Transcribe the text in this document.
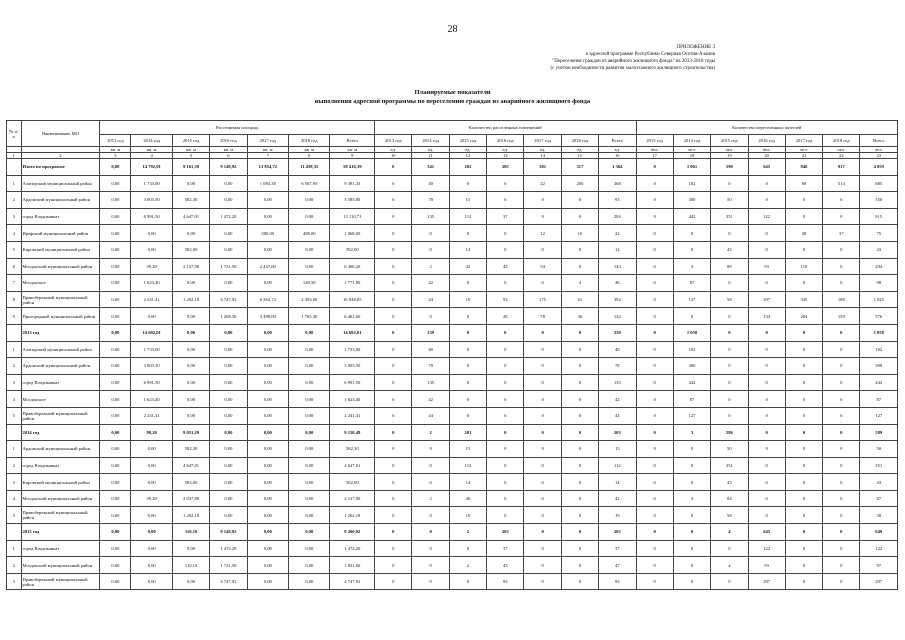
28
ПРИЛОЖЕНИЕ 3
к адресной программе Республики Северная Осетия-Алания
"Переселение граждан из аварийного жилищного фонда" на 2013-2018 годы
(с учетом необходимости развития малоэтажного жилищного строительства)
Планируемые показатели
выполнения адресной программы по переселению граждан из аварийного жилищного фонда
№ п/п	Наименование МО	Расселяемая площадь							Количество расселенных помещений							Количество переселенных жителей						
		2013 год	2014 год	2015 год	2016 год	2017 год	2018 год	Всего	2013 год	2014 год	2015 год	2016 год	2017 год	2018 год	Всего	2013 год	2014 год	2015 год	2016 год	2017 год	2018 год	Всего
		кв. м	кв. м	кв. м	кв. м	кв. м	кв. м	кв. м	ед.	ед.	ед.	ед.	ед.	ед.	ед.	чел.	чел.	чел.	чел.	чел.	чел.	чел.
1	2	3	4	5	6	7	8	9	10	11	12	13	14	15	16	17	18	19	20	21	22	23
	Итого по программе	0,00	14 792,01	9 161,39	9 149,92	13 854,72	11 458,35	58 416,39	0	341	202	205	301	317	1 364	0	1 061	590	645	846	917	4 059
1	Алагирский муниципальный район	0,00	1 733,00	0,00	0,00	1 083,38	6 567,95	9 381,33	0	40	0	0	22	206	268	0	102	0	0	69	514	685
2	Ардонский муниципальный район	0,00	3 003,50	582,30	0,00	0,00	0,00	3 585,80	0	78	15	0	0	0	93	0	300	50	0	0	0	350
3	город Владикавказ	0,00	6 991,50	4 647,01	1 472,20	0,00	0,00	13 110,71	0	135	112	37	0	0	284	0	442	351	122	0	0	915
4	Ирафский муниципальный район	0,00	0,00	0,00	0,00	580,00	488,00	1 068,00	0	0	0	0	12	10	22	0	0	0	0	38	37	75
5	Кировский муниципальный район	0,00	0,00	582,00	0,00	0,00	0,00	582,00	0	0	14	0	0	0	14	0	0	43	0	0	0	43
6	Моздокский муниципальный район	0,00	99,20	2 137,90	1 721,50	2 437,60	0,00	6 406,20	0	2	42	43	54	0	143	0	3	88	93	110	0	294
7	Моздокское	0,00	1 623,40	0,00	0,00	0,00	148,50	1 771,90	0	42	0	0	0	4	46	0	87	0	0	0	0	98
8	Правобережный муниципальный район	0,00	2 241,41	1 202,18	4 747,92	6 263,74	2 493,60	16 948,85	0	44	19	93	175	61	392	0	127	58	297	345	188	1 025
9	Пригородный муниципальный район	0,00	0,00	0,00	1 208,30	3 488,00	1 765,30	6 461,60	0	0	0	28	78	36	142	0	0	0	133	284	159	576
	2013 год	0,00	14 692,01	0,00	0,00	0,00	0,00	14 692,01	0	339	0	0	0	0	339	0	1 058	0	0	0	0	1 058
1	Алагирский муниципальный район	0,00	1 733,00	0,00	0,00	0,00	0,00	1 733,00	0	40	0	0	0	0	40	0	102	0	0	0	0	102
2	Ардонский муниципальный район	0,00	3 003,50	0,00	0,00	0,00	0,00	3 003,50	0	78	0	0	0	0	78	0	300	0	0	0	0	300
3	город Владикавказ	0,00	6 991,50	0,00	0,00	0,00	0,00	6 991,50	0	135	0	0	0	0	135	0	442	0	0	0	0	442
4	Моздокское	0,00	1 623,40	0,00	0,00	0,00	0,00	1 623,40	0	42	0	0	0	0	42	0	87	0	0	0	0	87
5	Правобережный муниципальный район	0,00	2 241,41	0,00	0,00	0,00	0,00	2 241,41	0	44	0	0	0	0	44	0	127	0	0	0	0	127
	2014 год	0,00	99,20	9 051,29	0,00	0,00	0,00	9 150,49	0	2	201	0	0	0	203	0	3	586	0	0	0	589
1	Ардонский муниципальный район	0,00	0,00	582,30	0,00	0,00	0,00	582,30	0	0	15	0	0	0	15	0	0	50	0	0	0	50
2	город Владикавказ	0,00	0,00	4 647,01	0,00	0,00	0,00	4 647,01	0	0	112	0	0	0	112	0	0	351	0	0	0	351
3	Кировский муниципальный район	0,00	0,00	582,00	0,00	0,00	0,00	582,00	0	0	14	0	0	0	14	0	0	43	0	0	0	43
4	Моздокский муниципальный район	0,00	99,20	2 037,80	0,00	0,00	0,00	2 137,00	0	2	40	0	0	0	42	0	3	84	0	0	0	87
5	Правобережный муниципальный район	0,00	0,00	1 202,18	0,00	0,00	0,00	1 202,18	0	0	19	0	0	0	19	0	0	58	0	0	0	58
	2015 год	0,00	0,00	110,10	9 149,92	0,00	0,00	9 260,02	0	0	2	203	0	0	205	0	0	4	645	0	0	649
1	город Владикавказ	0,00	0,00	0,00	1 472,20	0,00	0,00	1 472,20	0	0	0	37	0	0	37	0	0	0	122	0	0	122
2	Моздокский муниципальный район	0,00	0,00	110,10	1 721,50	0,00	0,00	1 831,60	0	0	2	43	0	0	47	0	0	4	93	0	0	97
3	Правобережный муниципальный район	0,00	0,00	0,00	4 747,92	0,00	0,00	4 747,92	0	0	0	93	0	0	93	0	0	0	297	0	0	297
